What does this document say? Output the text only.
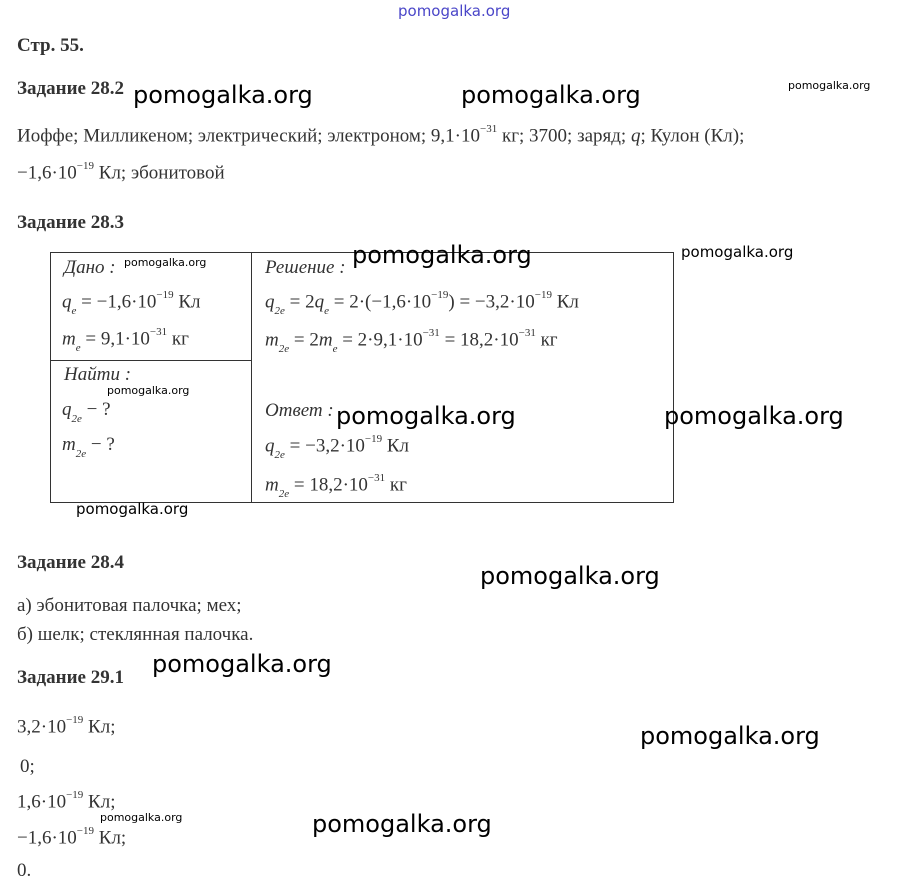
pomogalka.org
Стр. 55.
Задание 28.2
Иоффе; Милликеном; электрический; электроном; $9,1\cdot 10^{-31}$ кг; 3700; заряд; q; Кулон (Кл);
$-1,6\cdot 10^{-19}$ Кл; эбонитовой
Задание 28.3
Дано :
$q_e = -1,6\cdot 10^{-19}$ Кл
$m_e = 9,1\cdot 10^{-31}$ кг
Найти :
$q_{2e}$ − ?
$m_{2e}$ − ?
Решение :
$q_{2e} = 2q_e = 2\cdot(-1,6\cdot 10^{-19}) = -3,2\cdot 10^{-19}$ Кл
$m_{2e} = 2m_e = 2\cdot 9,1\cdot 10^{-31} = 18,2\cdot 10^{-31}$ кг
Ответ :
$q_{2e} = -3,2\cdot 10^{-19}$ Кл
$m_{2e} = 18,2\cdot 10^{-31}$ кг
Задание 28.4
а) эбонитовая палочка; мех;
б) шелк; стеклянная палочка.
Задание 29.1
$3,2\cdot 10^{-19}$ Кл;
0;
$1,6\cdot 10^{-19}$ Кл;
$-1,6\cdot 10^{-19}$ Кл;
0.
pomogalka.org	pomogalka.org	pomogalka.org
pomogalka.org	pomogalka.org	pomogalka.org
pomogalka.org
pomogalka.org	pomogalka.org
pomogalka.org
pomogalka.org
pomogalka.org
pomogalka.org
pomogalka.org	pomogalka.org
